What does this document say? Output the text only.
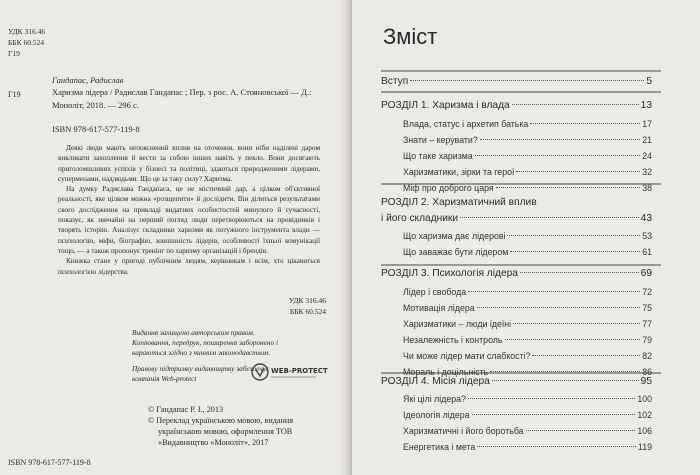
УДК 316.46
ББК 60.524
Г19
Гандапас, Радислав
Г19	Харизма лідера / Радислав Гандапас ; Пер. з рос. А. Стояновської — Д.: Моноліт, 2018. — 296 с.
ISBN 978-617-577-119-8

Деякі люди мають непояснений вплив на оточення, вони ніби наділені даром викликати захоплення й вести за собою інших навіть у пекло. Вони досягають приголомшливих успіхів у бізнесі та політиці, здаються природженими лідерами, суперменами, надлюдьми. Що це за таку силу? Харизма.

На думку Радислава Гандапаса, це не містичний дар, а цілком об'єктивної реальності, яке цілком можна «розщепити» й дослідити. Він ділиться результатами свого дослідження на прикладі видатних особистостей минулого й сучасності, показує, як звичайні на перший погляд люди перетворюються на провідників і творять історію. Аналізує складники харизми як потужного інструмента влади — психологію, міфи, біографію, зовнішність лідерів, особливості їхньої комунікації тощо, — а також пропонує тренінг по харизму організацій і брендів.

Книжка стане у пригоді публічним людям, керівникам і всім, хто цікавиться психологією лідерства.

УДК 316.46
ББК 60.524

Видання захищено авторським правом. Копіювання, передрук, поширення заборонено і караються згідно з чинним законодавством.

Правову підтримку видавництву забезпечує компанія Web-protect

WEB-PROTECT
© Гандапас Р. І., 2013
© Переклад українською мовою, видання українською мовою, оформлення ТОВ «Видавництво «Моноліт», 2017
ISBN 978-617-577-119-8
Зміст
Вступ	5
РОЗДІЛ 1. Харизма і влада	13
Влада, статус і архетип батька	17
Знати – керувати?	21
Що таке харизма	24
Харизматики, зірки та герої	32
Міф про доброго царя	38
РОЗДІЛ 2. Харизматичний вплив
і його складники	43
Що харизма дає лідерові	53
Що заважає бути лідером	61
РОЗДІЛ 3. Психологія лідера	69
Лідер і свобода	72
Мотивація лідера	75
Харизматики – люди ідеїні	77
Незалежність і контроль	79
Чи може лідер мати слабкості?	82
Мораль і доцільність	86
РОЗДІЛ 4. Місія лідера	95
Які цілі лідера?	100
Ідеологія лідера	102
Харизматичні і його боротьба	106
Енергетика і мета	119
